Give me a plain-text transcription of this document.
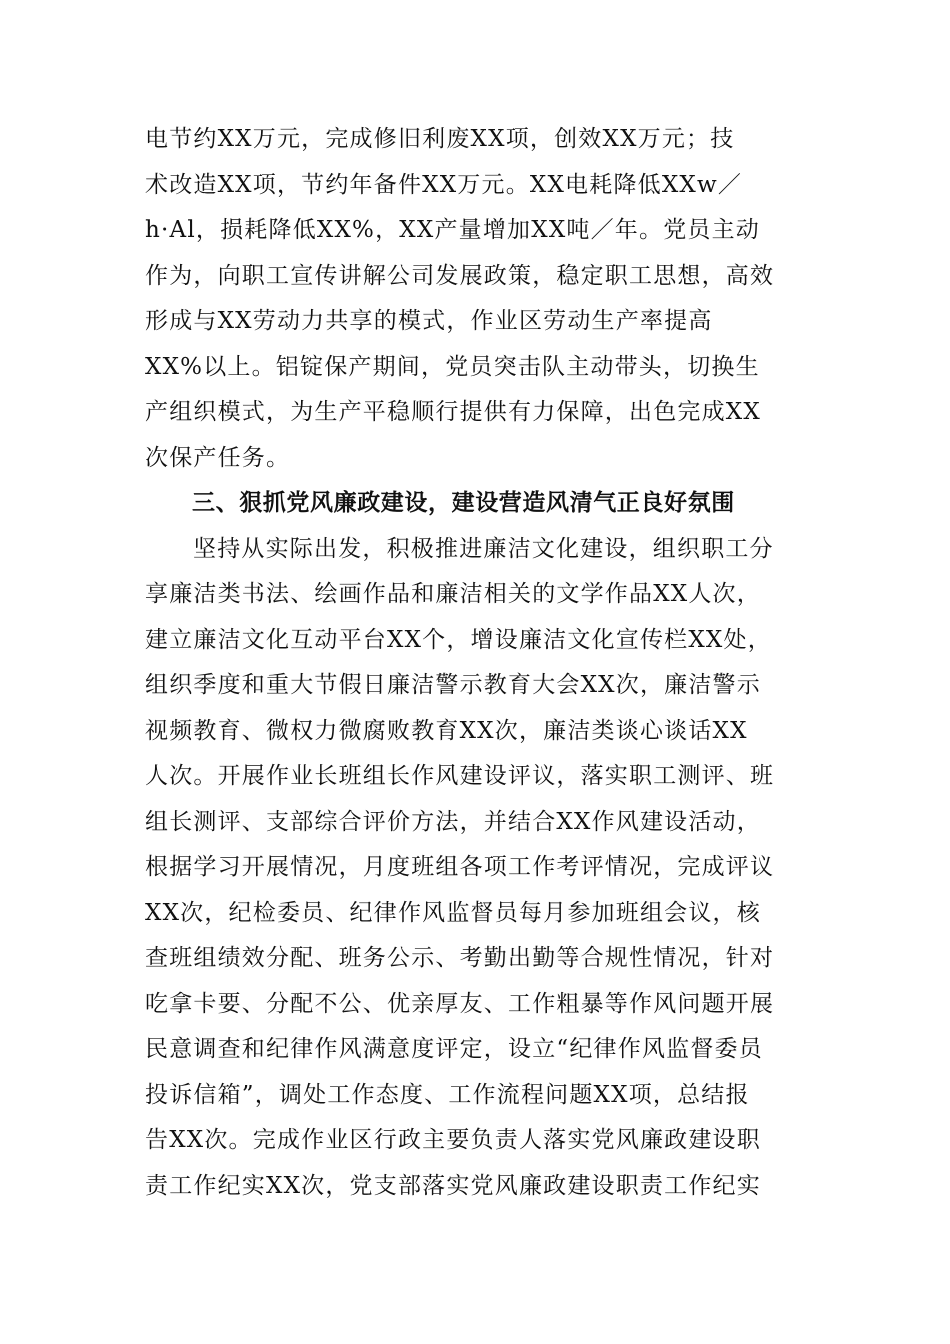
电节约XX万元，完成修旧利废XX项，创效XX万元；技
术改造XX项，节约年备件XX万元。XX电耗降低XXw／
h·Al，损耗降低XX%，XX产量增加XX吨／年。党员主动
作为，向职工宣传讲解公司发展政策，稳定职工思想，高效
形成与XX劳动力共享的模式，作业区劳动生产率提高
XX%以上。铝锭保产期间，党员突击队主动带头，切换生
产组织模式，为生产平稳顺行提供有力保障，出色完成XX
次保产任务。
三、狠抓党风廉政建设，建设营造风清气正良好氛围
坚持从实际出发，积极推进廉洁文化建设，组织职工分
享廉洁类书法、绘画作品和廉洁相关的文学作品XX人次，
建立廉洁文化互动平台XX个，增设廉洁文化宣传栏XX处，
组织季度和重大节假日廉洁警示教育大会XX次，廉洁警示
视频教育、微权力微腐败教育XX次，廉洁类谈心谈话XX
人次。开展作业长班组长作风建设评议，落实职工测评、班
组长测评、支部综合评价方法，并结合XX作风建设活动，
根据学习开展情况，月度班组各项工作考评情况，完成评议
XX次，纪检委员、纪律作风监督员每月参加班组会议，核
查班组绩效分配、班务公示、考勤出勤等合规性情况，针对
吃拿卡要、分配不公、优亲厚友、工作粗暴等作风问题开展
民意调查和纪律作风满意度评定，设立“纪律作风监督委员
投诉信箱”，调处工作态度、工作流程问题XX项，总结报
告XX次。完成作业区行政主要负责人落实党风廉政建设职
责工作纪实XX次，党支部落实党风廉政建设职责工作纪实
